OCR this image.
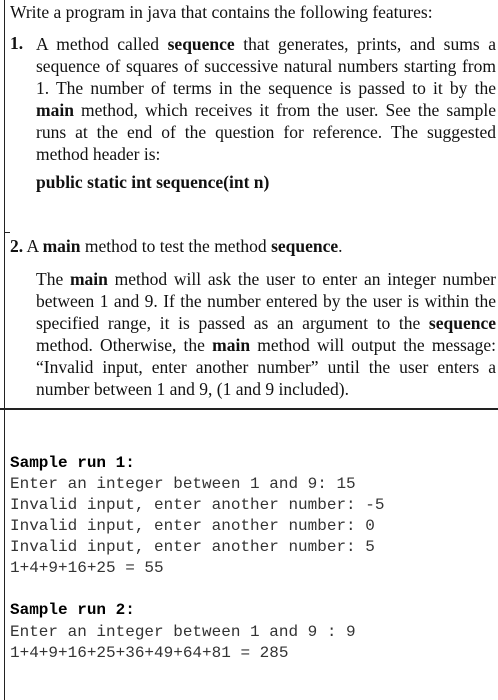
Write a program in java that contains the following features:
1. A method called sequence that generates, prints, and sums a sequence of squares of successive natural numbers starting from 1. The number of terms in the sequence is passed to it by the main method, which receives it from the user. See the sample runs at the end of the question for reference. The suggested method header is:

public static int sequence(int n)
2. A main method to test the method sequence.
The main method will ask the user to enter an integer number between 1 and 9. If the number entered by the user is within the specified range, it is passed as an argument to the sequence method. Otherwise, the main method will output the message: “Invalid input, enter another number” until the user enters a number between 1 and 9, (1 and 9 included).
Sample run 1:
Enter an integer between 1 and 9: 15
Invalid input, enter another number: -5
Invalid input, enter another number: 0
Invalid input, enter another number: 5
1+4+9+16+25 = 55
Sample run 2:
Enter an integer between 1 and 9 : 9
1+4+9+16+25+36+49+64+81 = 285
